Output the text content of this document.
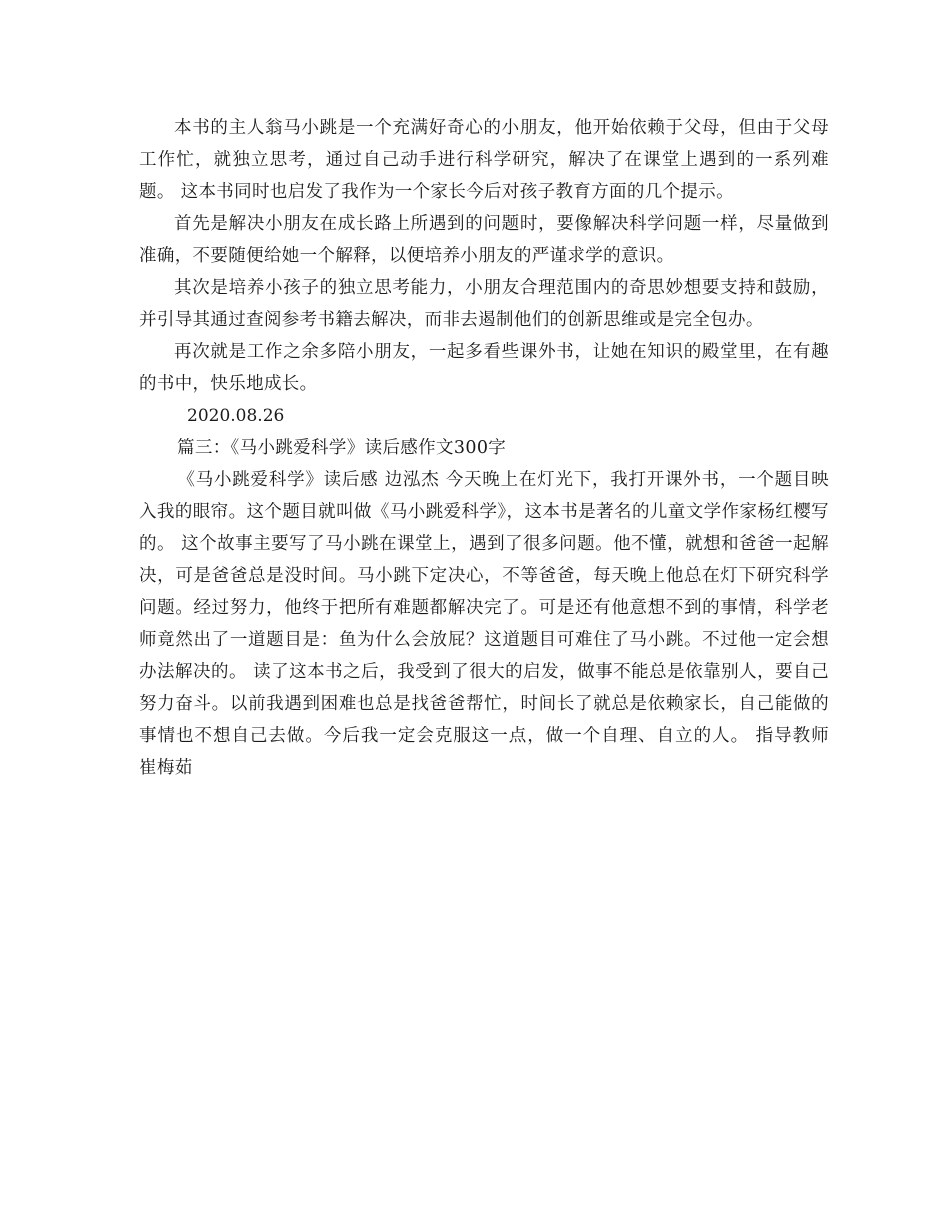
本书的主人翁马小跳是一个充满好奇心的小朋友，他开始依赖于父母，但由于父母工作忙，就独立思考，通过自己动手进行科学研究，解决了在课堂上遇到的一系列难题。 这本书同时也启发了我作为一个家长今后对孩子教育方面的几个提示。

首先是解决小朋友在成长路上所遇到的问题时，要像解决科学问题一样，尽量做到准确，不要随便给她一个解释，以便培养小朋友的严谨求学的意识。

其次是培养小孩子的独立思考能力，小朋友合理范围内的奇思妙想要支持和鼓励，并引导其通过查阅参考书籍去解决，而非去遏制他们的创新思维或是完全包办。

再次就是工作之余多陪小朋友，一起多看些课外书，让她在知识的殿堂里，在有趣的书中，快乐地成长。

2020.08.26

篇三：《马小跳爱科学》读后感作文300字

《马小跳爱科学》读后感 边泓杰 今天晚上在灯光下，我打开课外书，一个题目映入我的眼帘。这个题目就叫做《马小跳爱科学》，这本书是著名的儿童文学作家杨红樱写的。 这个故事主要写了马小跳在课堂上，遇到了很多问题。他不懂，就想和爸爸一起解决，可是爸爸总是没时间。马小跳下定决心，不等爸爸，每天晚上他总在灯下研究科学问题。经过努力，他终于把所有难题都解决完了。可是还有他意想不到的事情，科学老师竟然出了一道题目是：鱼为什么会放屁？这道题目可难住了马小跳。不过他一定会想办法解决的。 读了这本书之后，我受到了很大的启发，做事不能总是依靠别人，要自己努力奋斗。以前我遇到困难也总是找爸爸帮忙，时间长了就总是依赖家长，自己能做的事情也不想自己去做。今后我一定会克服这一点，做一个自理、自立的人。 指导教师 崔梅茹
